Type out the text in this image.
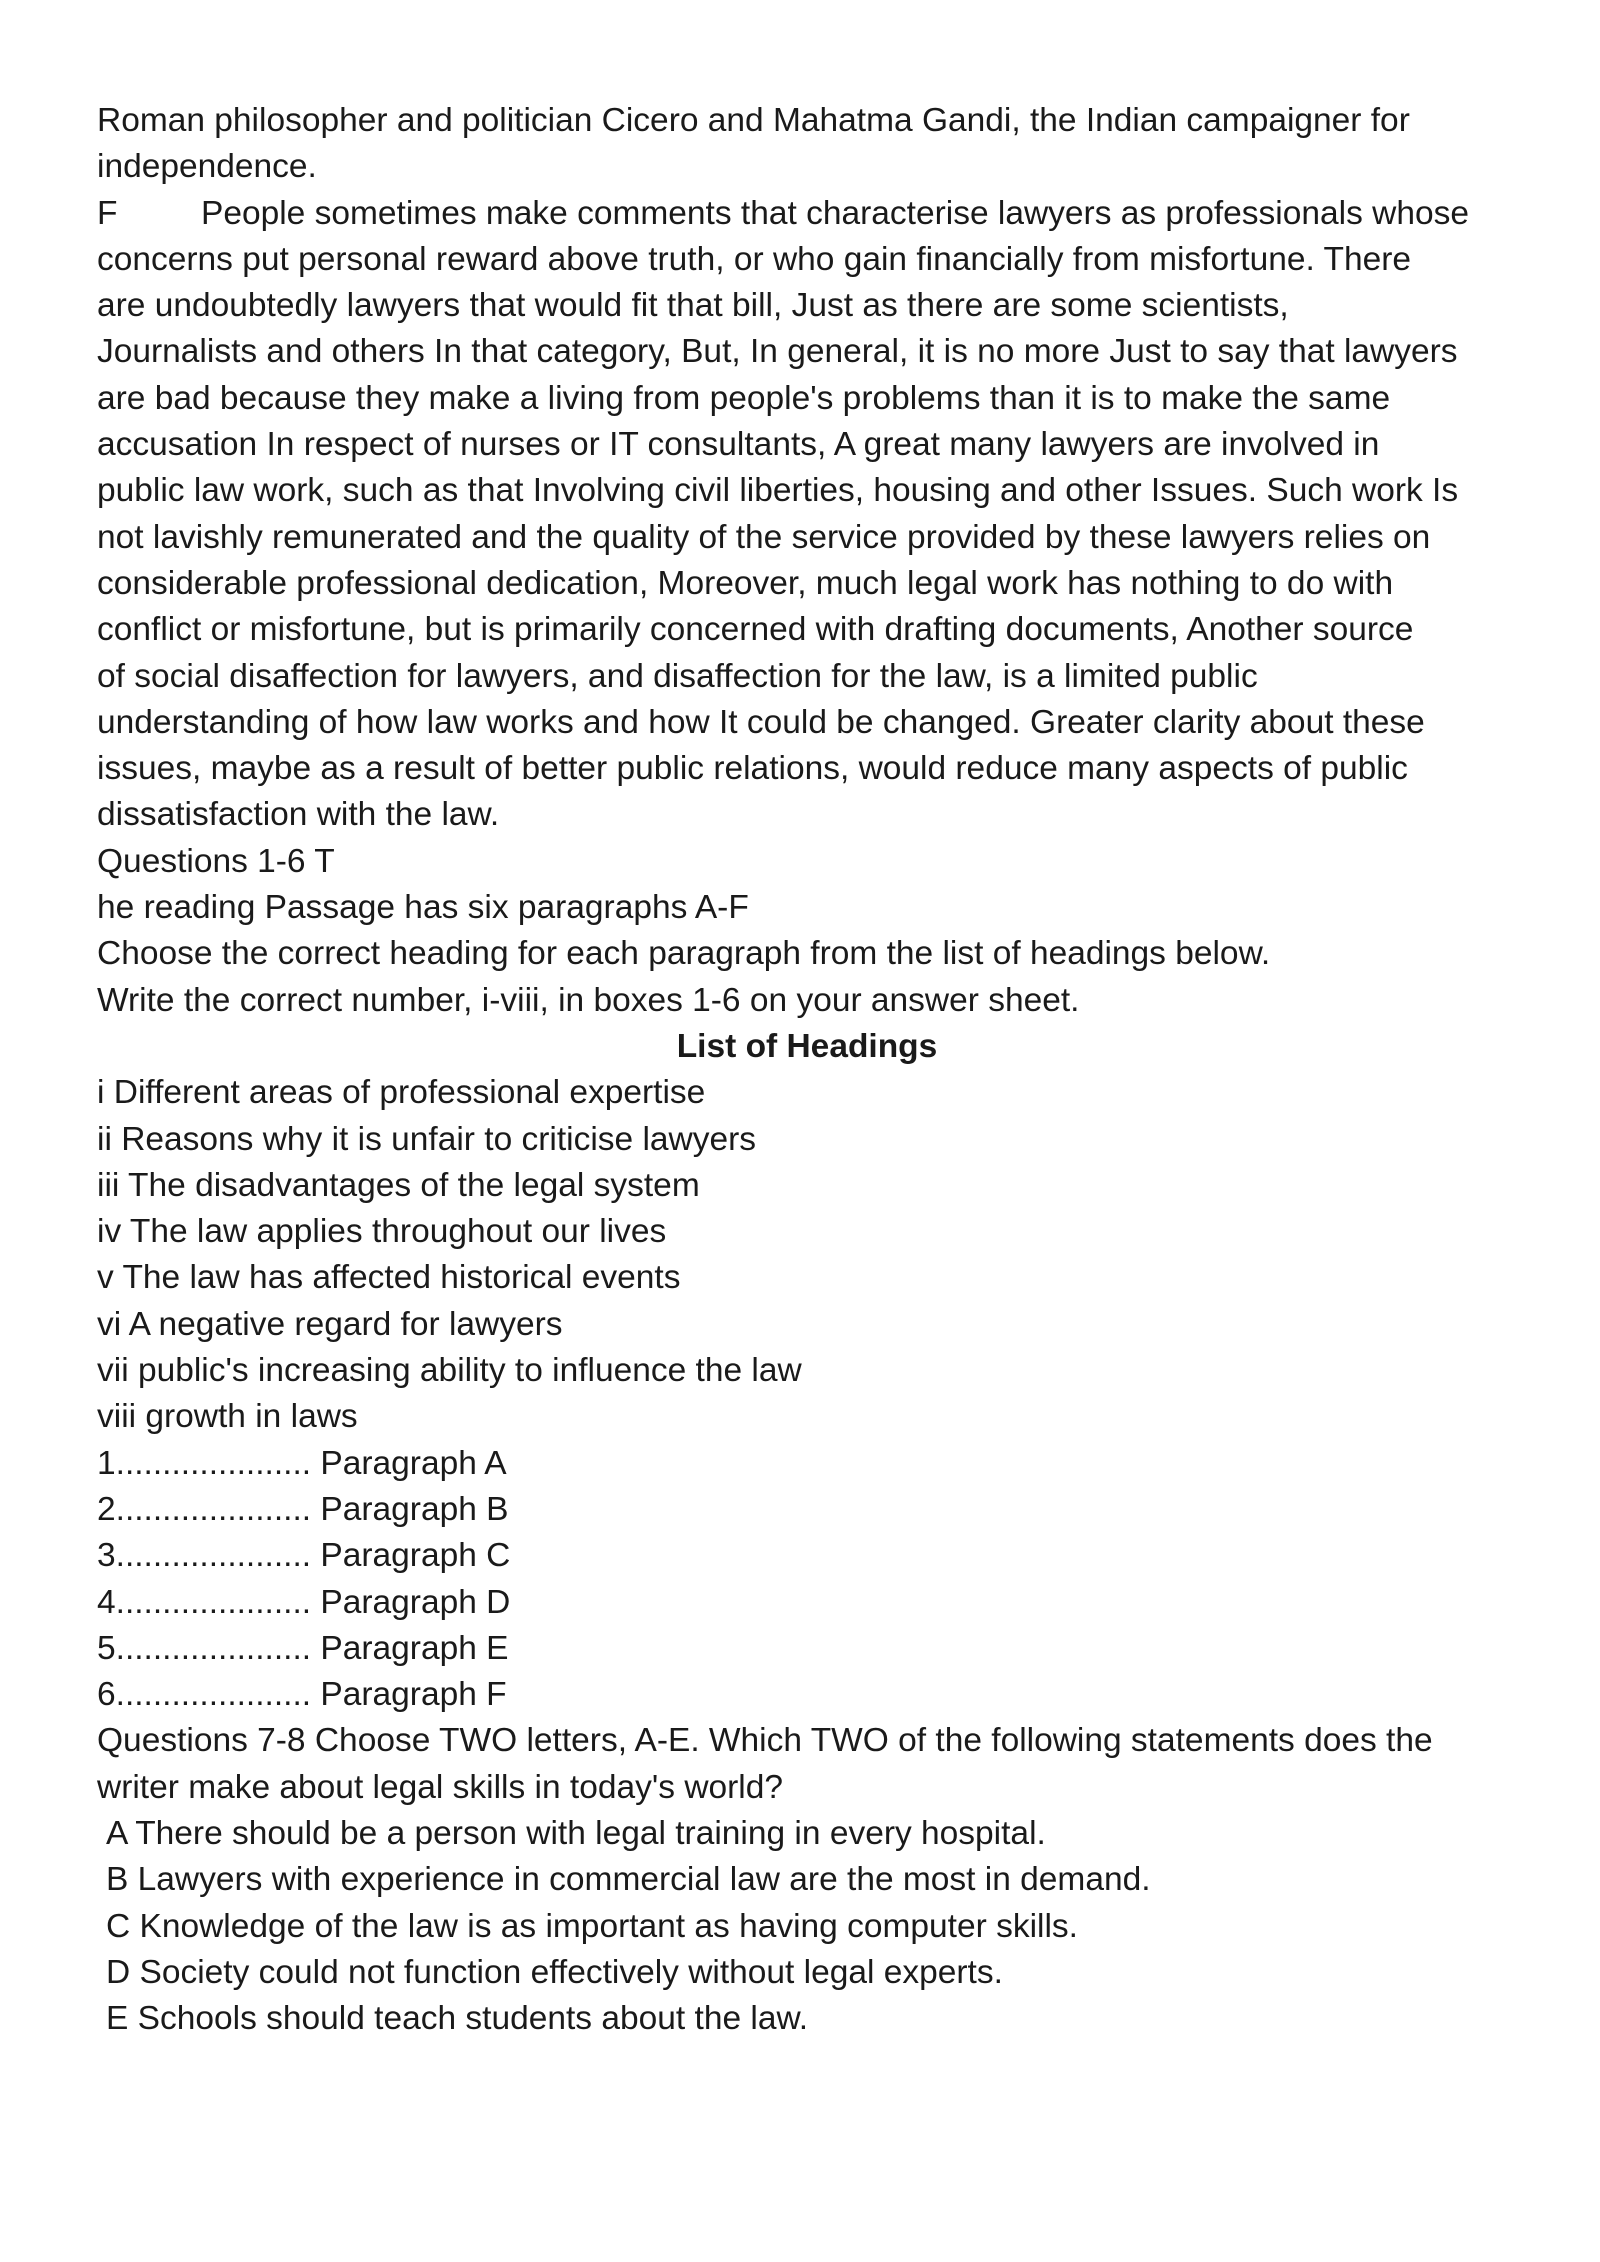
Roman philosopher and politician Cicero and Mahatma Gandi, the Indian campaigner for
independence.
F People sometimes make comments that characterise lawyers as professionals whose
concerns put personal reward above truth, or who gain financially from misfortune. There
are undoubtedly lawyers that would fit that bill, Just as there are some scientists,
Journalists and others In that category, But, In general, it is no more Just to say that lawyers
are bad because they make a living from people's problems than it is to make the same
accusation In respect of nurses or IT consultants, A great many lawyers are involved in
public law work, such as that Involving civil liberties, housing and other Issues. Such work Is
not lavishly remunerated and the quality of the service provided by these lawyers relies on
considerable professional dedication, Moreover, much legal work has nothing to do with
conflict or misfortune, but is primarily concerned with drafting documents, Another source
of social disaffection for lawyers, and disaffection for the law, is a limited public
understanding of how law works and how It could be changed. Greater clarity about these
issues, maybe as a result of better public relations, would reduce many aspects of public
dissatisfaction with the law.
Questions 1-6 T
he reading Passage has six paragraphs A-F
Choose the correct heading for each paragraph from the list of headings below.
Write the correct number, i-viii, in boxes 1-6 on your answer sheet.
List of Headings
i Different areas of professional expertise
ii Reasons why it is unfair to criticise lawyers
iii The disadvantages of the legal system
iv The law applies throughout our lives
v The law has affected historical events
vi A negative regard for lawyers
vii public's increasing ability to influence the law
viii growth in laws
1..................... Paragraph A
2..................... Paragraph B
3..................... Paragraph C
4..................... Paragraph D
5..................... Paragraph E
6..................... Paragraph F
Questions 7-8 Choose TWO letters, A-E. Which TWO of the following statements does the
writer make about legal skills in today's world?
A There should be a person with legal training in every hospital.
B Lawyers with experience in commercial law are the most in demand.
C Knowledge of the law is as important as having computer skills.
D Society could not function effectively without legal experts.
E Schools should teach students about the law.
